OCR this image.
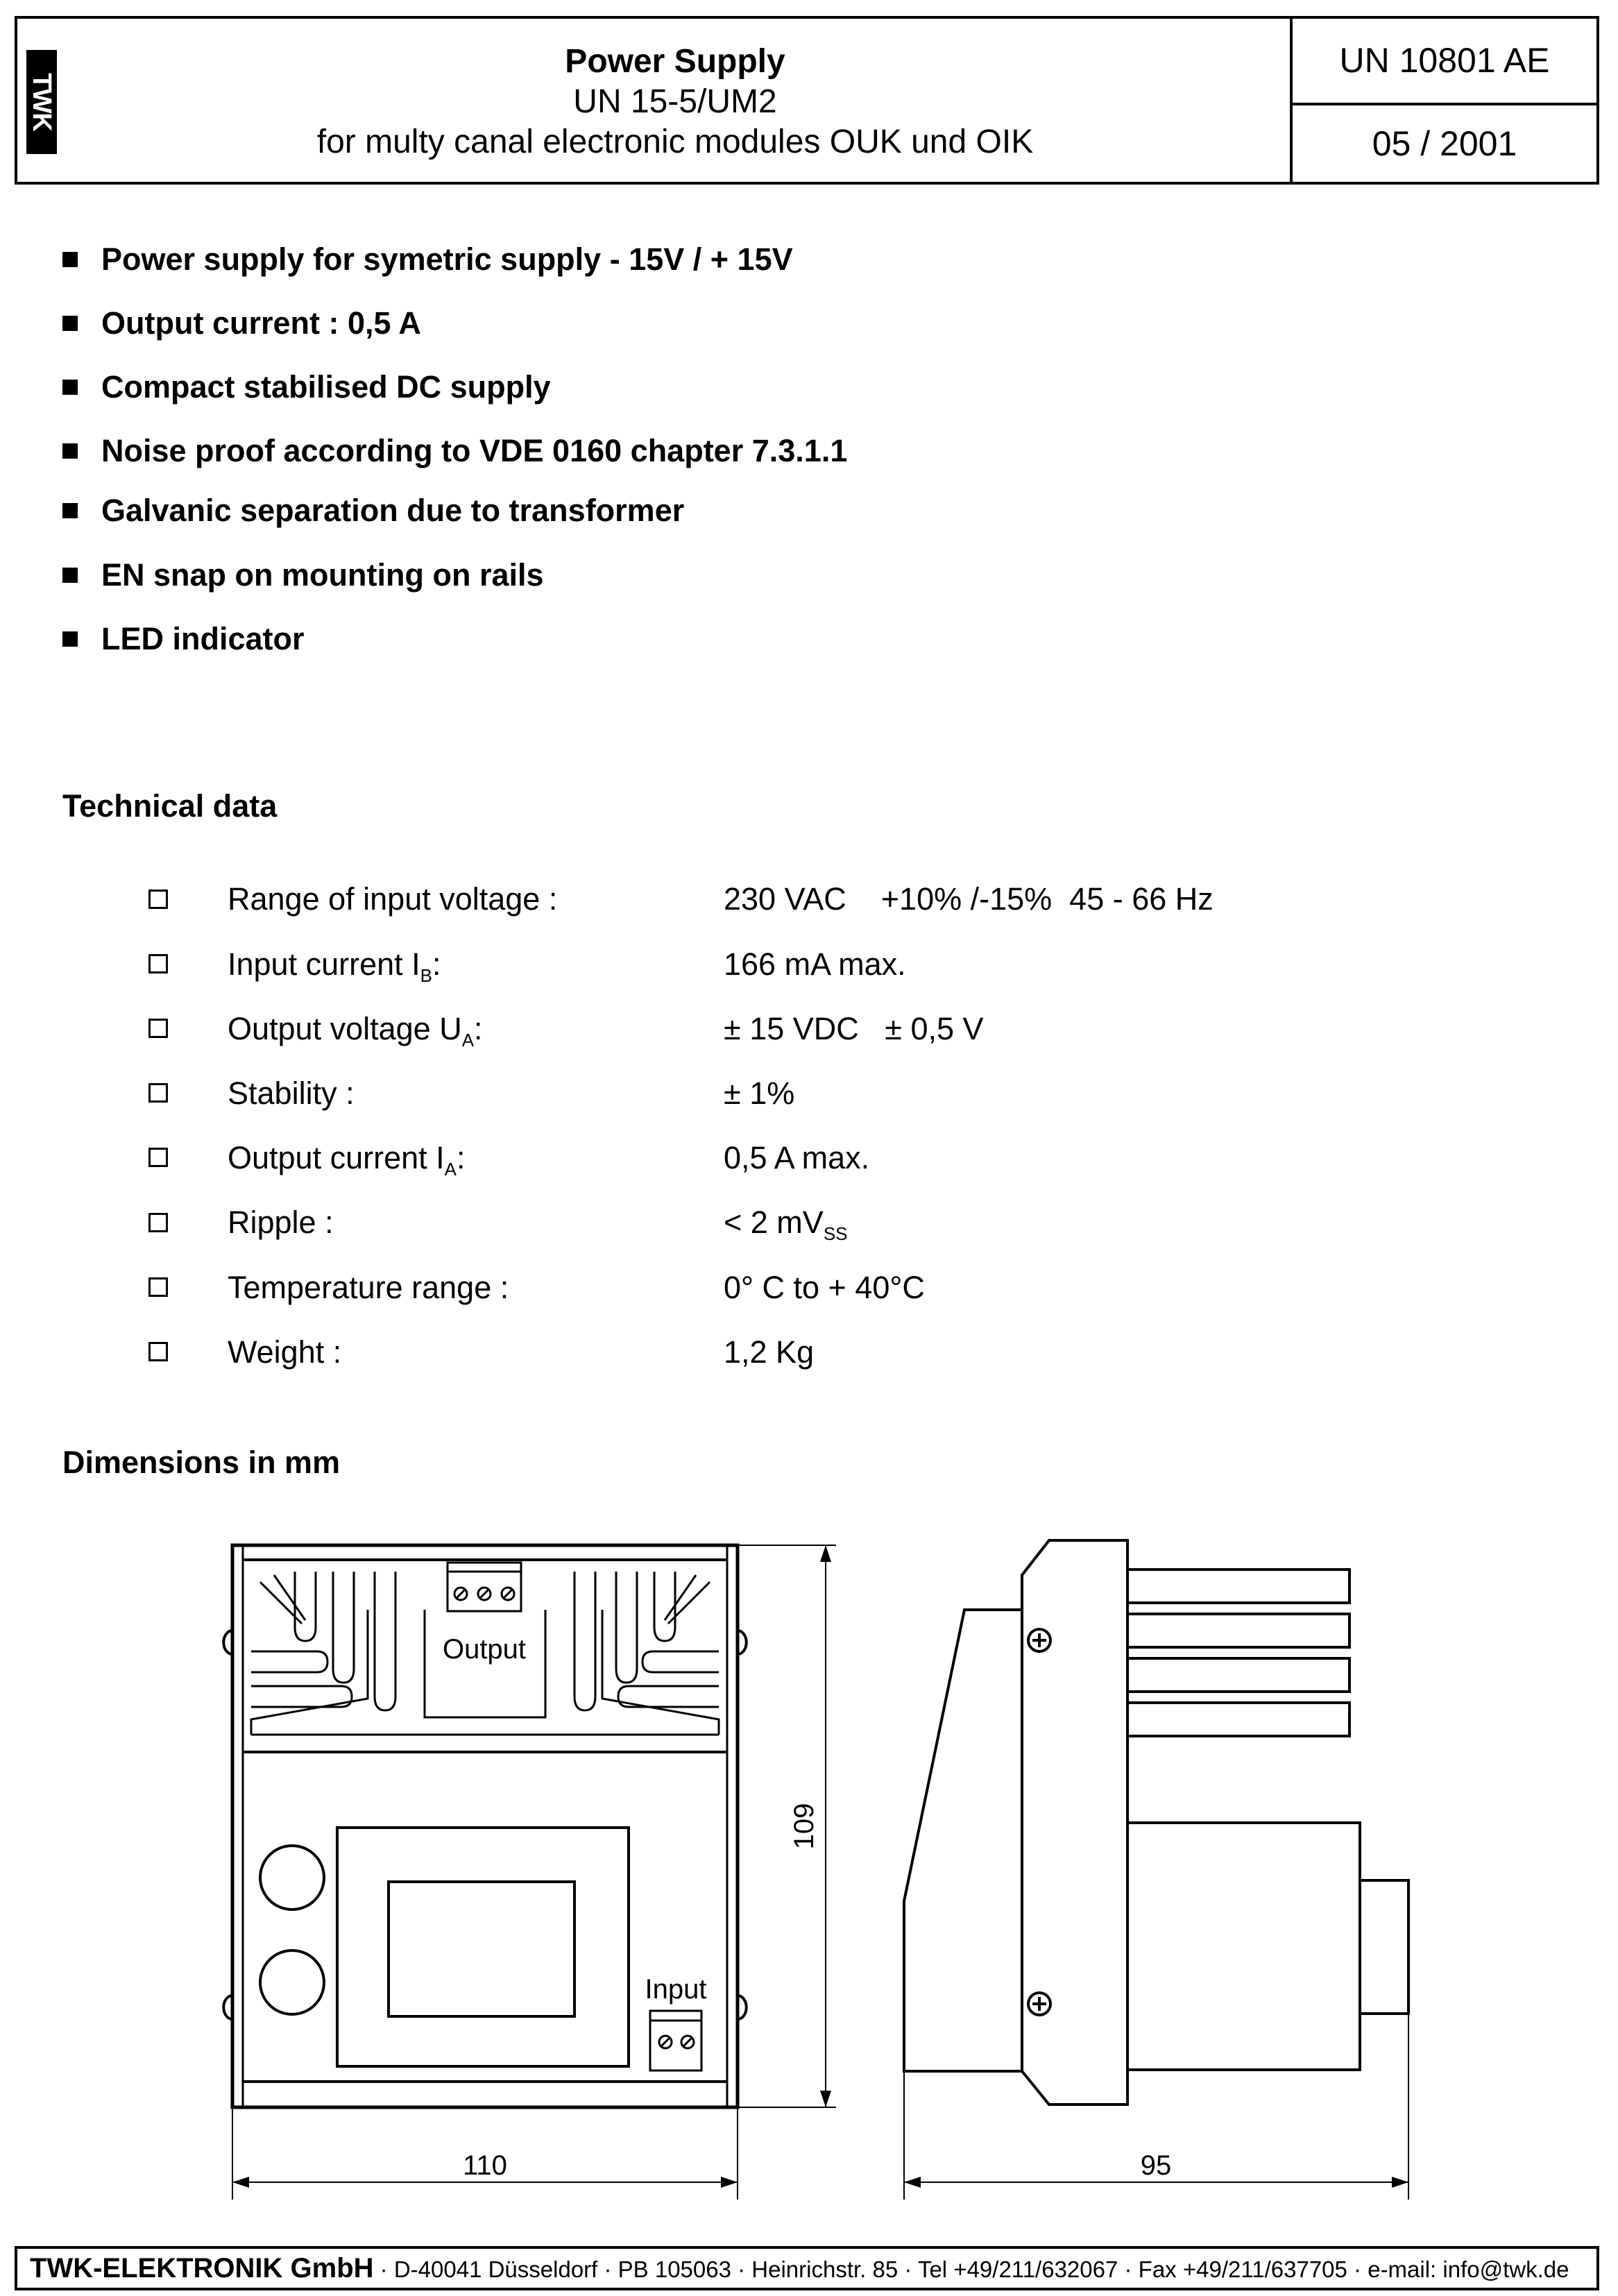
TWK
Power Supply
UN 15-5/UM2
for multy canal electronic modules OUK und OIK
UN 10801 AE
05 / 2001
Power supply for symetric supply - 15V / + 15V
Output current : 0,5 A
Compact stabilised DC supply
Noise proof according to VDE 0160 chapter 7.3.1.1
Galvanic separation due to transformer
EN snap on mounting on rails
LED indicator
Technical data
Range of input voltage :	230 VAC    +10% /-15%  45 - 66 Hz
Input current $I_B$:	166 mA max.
Output voltage $U_A$:	± 15 VDC   ± 0,5 V
Stability :	± 1%
Output current $I_A$:	0,5 A max.
Ripple :	< 2 $mV_{SS}$
Temperature range :	0° C to + 40°C
Weight :	1,2 Kg
Dimensions in mm
Output
Input
109
110	95
TWK-ELEKTRONIK GmbH · D-40041 Düsseldorf · PB 105063 · Heinrichstr. 85 · Tel +49/211/632067 · Fax +49/211/637705 · e-mail: info@twk.de
